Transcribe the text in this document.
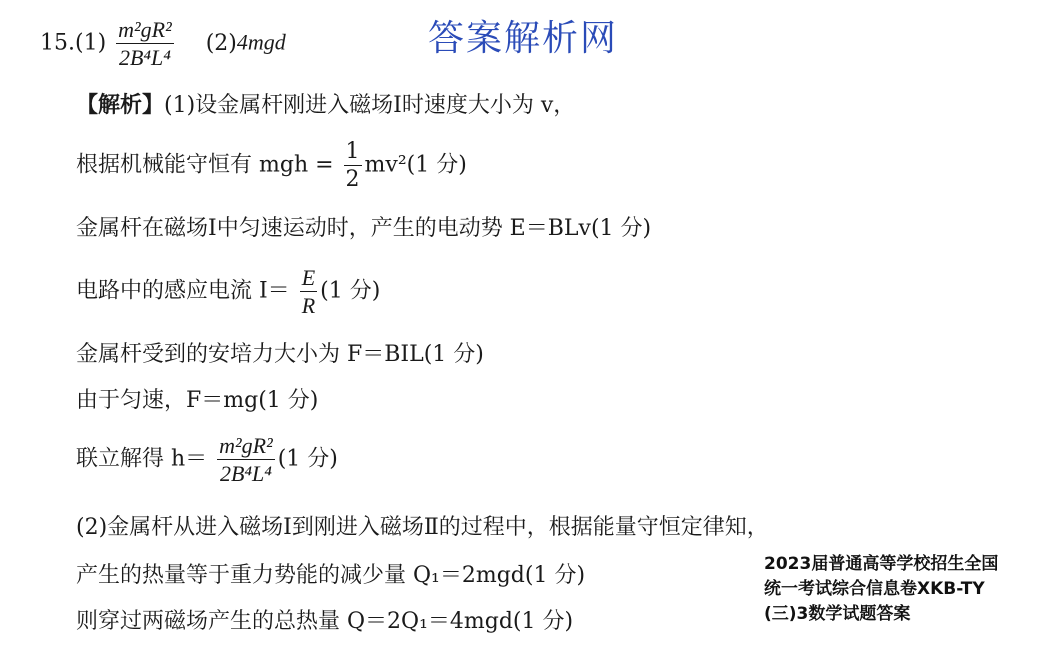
$15.(1) \frac{\text{m²gR²}}{\text{2B⁴L⁴}} (2)4mgd$	答案解析网
【解析】(1)设金属杆刚进入磁场Ⅰ时速度大小为 v，
根据机械能守恒有 mgh = $\frac{1}{2} mv^2(1$ 分)
金属杆在磁场Ⅰ中匀速运动时，产生的电动势 E＝BLv(1 分)
电路中的感应电流 $I= \frac{E}{R} (1$ 分)
金属杆受到的安培力大小为 F＝BIL(1 分)
由于匀速，F＝mg(1 分)
联立解得 $h= \frac{\text{m²gR²}}{\text{2B⁴L⁴}} (1$ 分)
(2)金属杆从进入磁场Ⅰ到刚进入磁场Ⅱ的过程中，根据能量守恒定律知，
产生的热量等于重力势能的减少量 Q₁＝2mgd(1 分)
则穿过两磁场产生的总热量 Q＝2Q₁＝4mgd(1 分)
2023届普通高等学校招生全国
统一考试综合信息卷XKB-TY
(三)3数学试题答案
